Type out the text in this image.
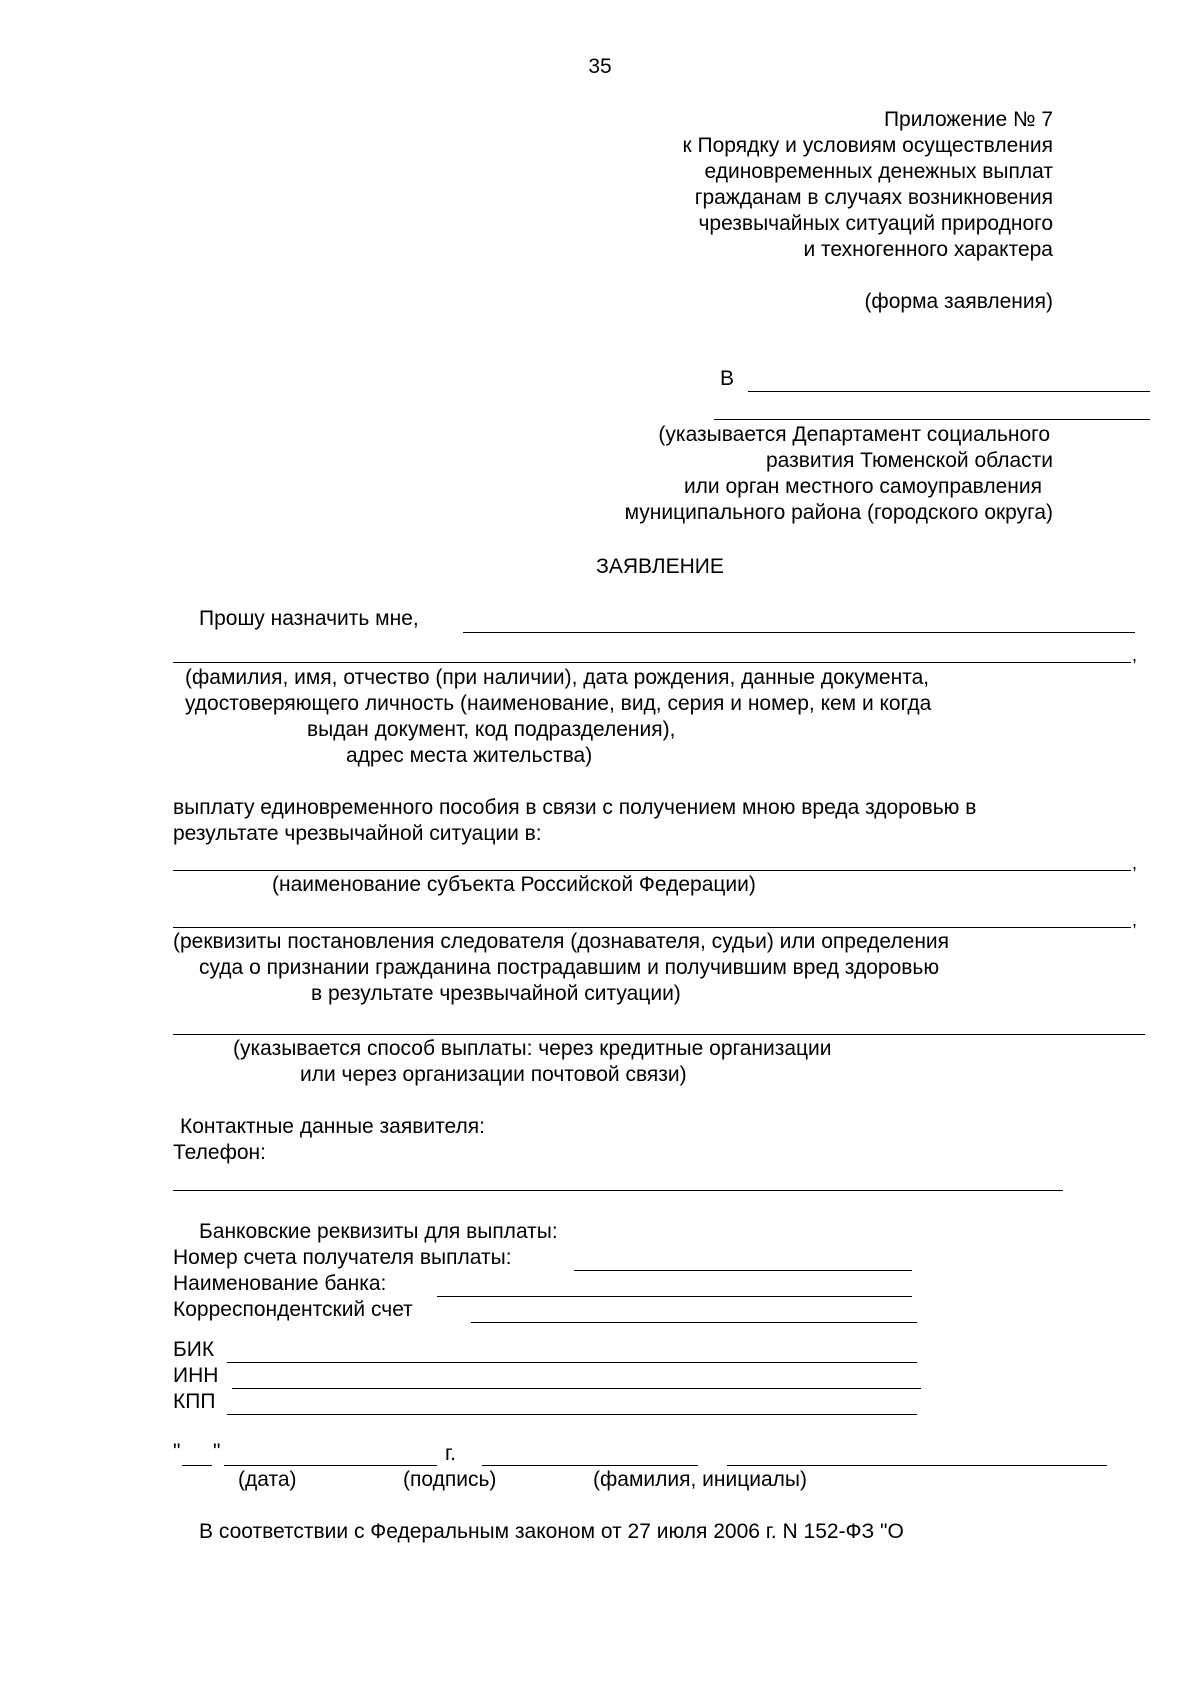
35
Приложение № 7
к Порядку и условиям осуществления
единовременных денежных выплат
гражданам в случаях возникновения
чрезвычайных ситуаций природного
и техногенного характера
(форма заявления)
В
(указывается Департамент социального
развития Тюменской области
или орган местного самоуправления
муниципального района (городского округа)
ЗАЯВЛЕНИЕ
Прошу назначить мне,
,
(фамилия, имя, отчество (при наличии), дата рождения, данные документа,
удостоверяющего личность (наименование, вид, серия и номер, кем и когда
выдан документ, код подразделения),
адрес места жительства)
выплату единовременного пособия в связи с получением мною вреда здоровью в
результате чрезвычайной ситуации в:
,
(наименование субъекта Российской Федерации)
,
(реквизиты постановления следователя (дознавателя, судьи) или определения
суда о признании гражданина пострадавшим и получившим вред здоровью
в результате чрезвычайной ситуации)
(указывается способ выплаты: через кредитные организации
или через организации почтовой связи)
Контактные данные заявителя:
Телефон:
Банковские реквизиты для выплаты:
Номер счета получателя выплаты:
Наименование банка:
Корреспондентский счет
БИК
ИНН
КПП
" "	г.
(дата)	(подпись)	(фамилия, инициалы)
В соответствии с Федеральным законом от 27 июля 2006 г. N 152-ФЗ "О
